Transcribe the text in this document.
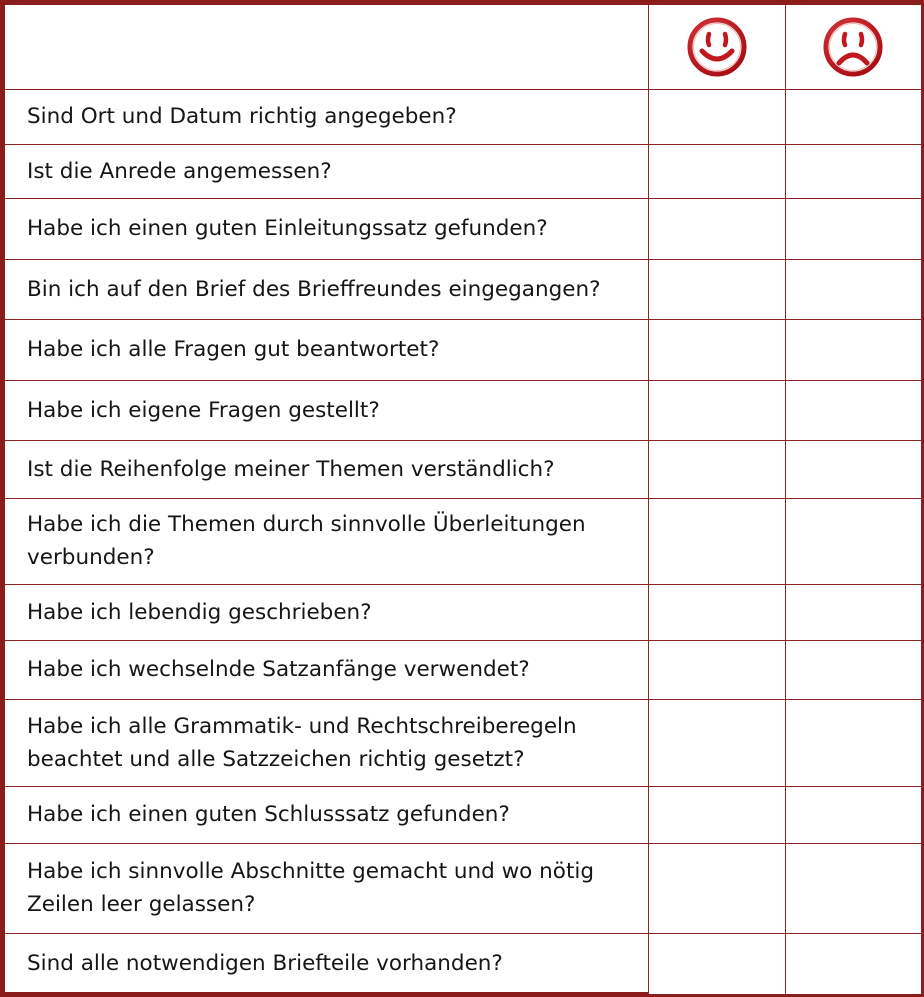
Sind Ort und Datum richtig angegeben?		
Ist die Anrede angemessen?		
Habe ich einen guten Einleitungssatz gefunden?		
Bin ich auf den Brief des Brieffreundes eingegangen?		
Habe ich alle Fragen gut beantwortet?		
Habe ich eigene Fragen gestellt?		
Ist die Reihenfolge meiner Themen verständlich?		
Habe ich die Themen durch sinnvolle Überleitungen
verbunden?		
Habe ich lebendig geschrieben?		
Habe ich wechselnde Satzanfänge verwendet?		
Habe ich alle Grammatik- und Rechtschreiberegeln
beachtet und alle Satzzeichen richtig gesetzt?		
Habe ich einen guten Schlusssatz gefunden?		
Habe ich sinnvolle Abschnitte gemacht und wo nötig
Zeilen leer gelassen?		
Sind alle notwendigen Briefteile vorhanden?		
